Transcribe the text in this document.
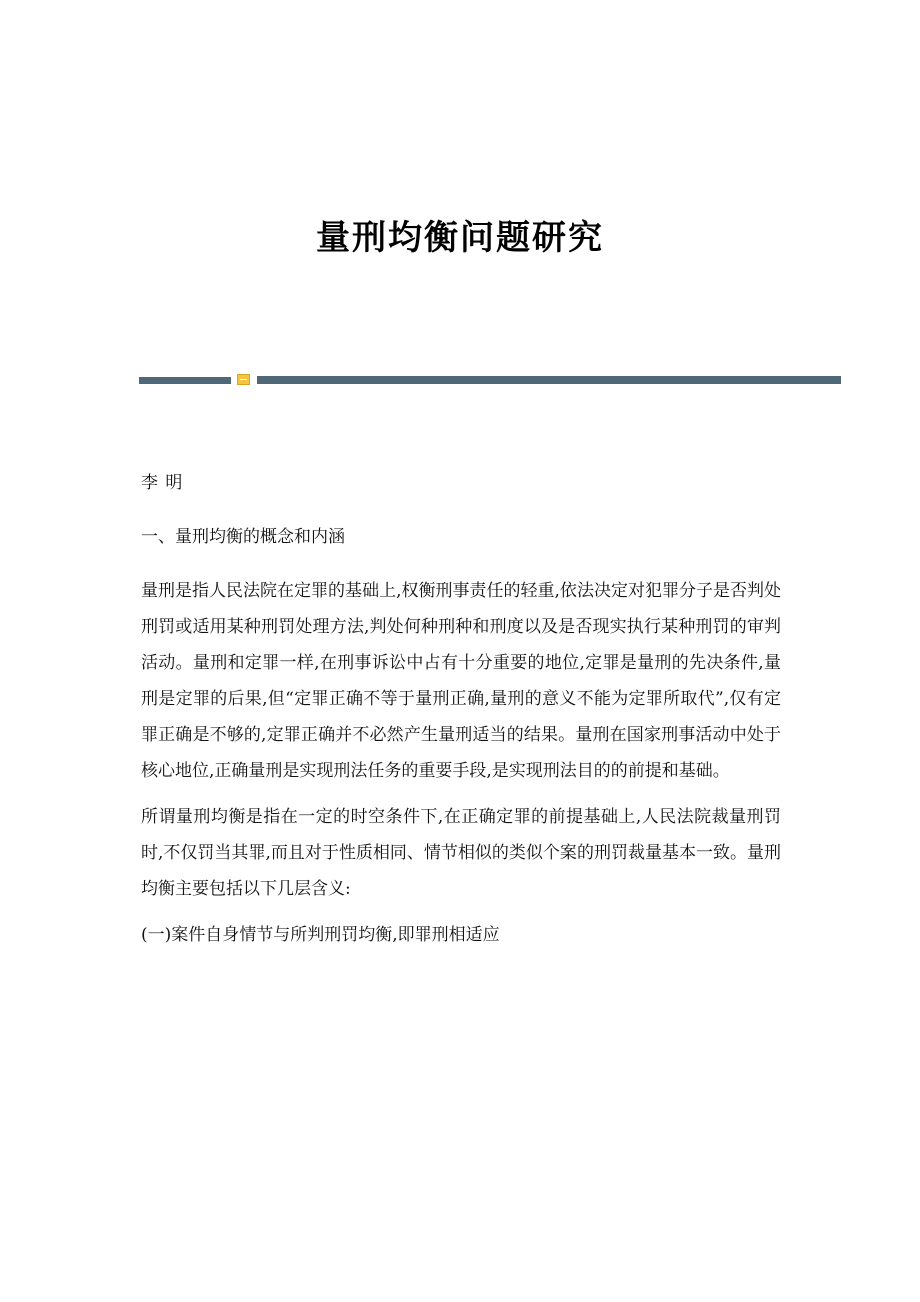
量刑均衡问题研究
李 明
一、量刑均衡的概念和内涵
量刑是指人民法院在定罪的基础上,权衡刑事责任的轻重,依法决定对犯罪分子是否判处刑罚或适用某种刑罚处理方法,判处何种刑种和刑度以及是否现实执行某种刑罚的审判活动。量刑和定罪一样,在刑事诉讼中占有十分重要的地位,定罪是量刑的先决条件,量刑是定罪的后果,但“定罪正确不等于量刑正确,量刑的意义不能为定罪所取代”,仅有定罪正确是不够的,定罪正确并不必然产生量刑适当的结果。量刑在国家刑事活动中处于核心地位,正确量刑是实现刑法任务的重要手段,是实现刑法目的的前提和基础。
所谓量刑均衡是指在一定的时空条件下,在正确定罪的前提基础上,人民法院裁量刑罚时,不仅罚当其罪,而且对于性质相同、情节相似的类似个案的刑罚裁量基本一致。量刑均衡主要包括以下几层含义:
(一)案件自身情节与所判刑罚均衡,即罪刑相适应
